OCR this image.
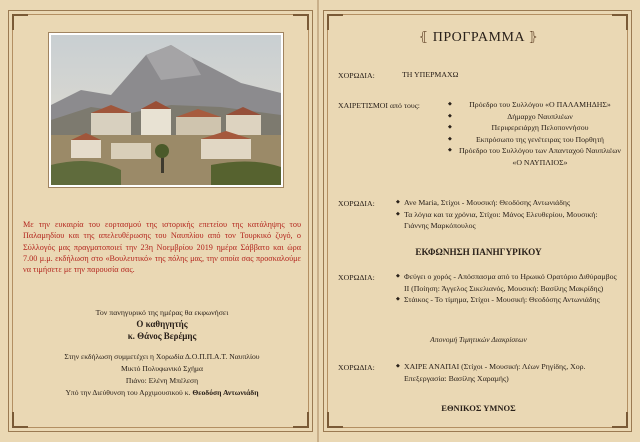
Με την ευκαιρία του εορτασμού της ιστορικής επετείου της κατάληψης του Παλαμηδίου και της απελευθέρωσης του Ναυπλίου από τον Τουρκικό ζυγό, ο Σύλλογός μας πραγματοποιεί την 23η Νοεμβρίου 2019 ημέρα Σάββατο και ώρα 7.00 μ.μ. εκδήλωση στο «Βουλευτικό» της πόλης μας, την οποία σας προσκαλούμε να τιμήσετε με την παρουσία σας.
Τον πανηγυρικό της ημέρας θα εκφωνήσει
Ο καθηγητής
κ. Θάνος Βερέμης
Στην εκδήλωση συμμετέχει η Χορωδία Δ.Ο.Π.Π.Α.Τ. Ναυπλίου
Μικτό Πολυφωνικό Σχήμα
Πιάνο: Ελένη Μπέλεση
Υπό την Διεύθυνση του Αρχιμουσικού κ. Θεοδόση Αντωνιάδη
⦃ ΠΡΟΓΡΑΜΜΑ ⦄
ΧΟΡΩΔΙΑ:	ΤΗ ΥΠΕΡΜΑΧΩ
ΧΑΙΡΕΤΙΣΜΟΙ από τους:	◆ Πρόεδρο του Συλλόγου «Ο ΠΑΛΑΜΗΔΗΣ»
◆ Δήμαρχο Ναυπλιέων
◆ Περιφερειάρχη Πελοποννήσου
◆ Εκπρόσωπο της γενέτειρας του Πορθητή
◆ Πρόεδρο του Συλλόγου των Απανταχού Ναυπλιέων «Ο ΝΑΥΠΛΙΟΣ»
ΧΟΡΩΔΙΑ:	◆ Ave Maria, Στίχοι - Μουσική: Θεοδόσης Αντωνιάδης
◆ Τα λόγια και τα χρόνια, Στίχοι: Μάνος Ελευθερίου, Μουσική: Γιάννης Μαρκόπουλος
ΕΚΦΩΝΗΣΗ ΠΑΝΗΓΥΡΙΚΟΥ
ΧΟΡΩΔΙΑ:	◆ Φεύγει ο χορός - Απόσπασμα από το Ηρωικό Ορατόριο Διθύραμβος ΙΙ (Ποίηση: Άγγελος Σικελιανός, Μουσική: Βασίλης Μακρίδης)
◆ Στάικος - Το τίμημα, Στίχοι - Μουσική: Θεοδόσης Αντωνιάδης
Απονομή Τιμητικών Διακρίσεων
ΧΟΡΩΔΙΑ:	◆ ΧΑΙΡΕ ΑΝΑΠΑΙ (Στίχοι - Μουσική: Λέων Ρηγίδης, Χορ. Επεξεργασία: Βασίλης Χαραμής)
ΕΘΝΙΚΟΣ ΥΜΝΟΣ
